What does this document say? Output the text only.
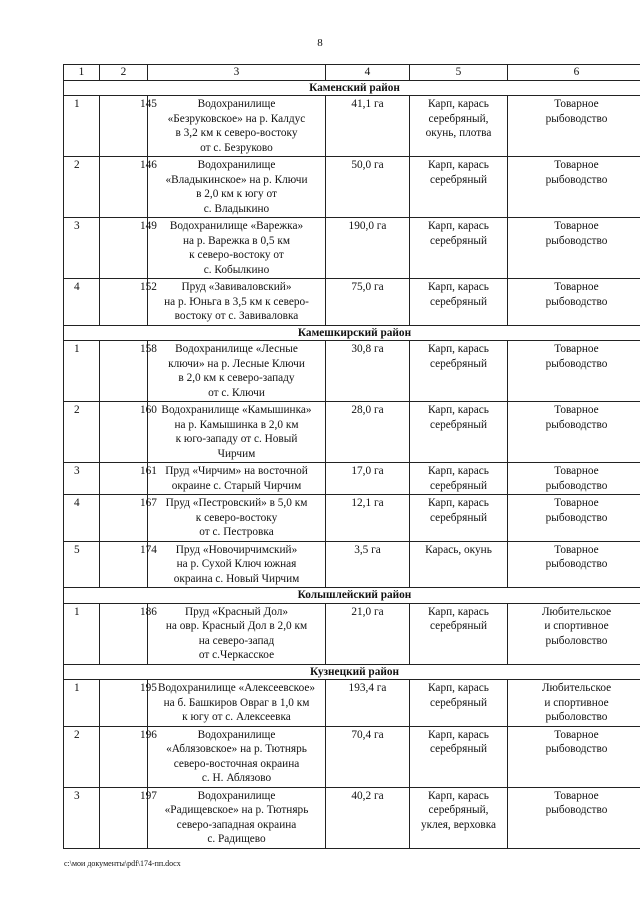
8
1	2	3	4	5	6
Каменский район					
1	145	Водохранилище
«Безруковское» на р. Калдус
в 3,2 км к северо-востоку
от с. Безруково	41,1 га	Карп, карась
серебряный,
окунь, плотва	Товарное
рыбоводство
2	146	Водохранилище
«Владыкинское» на р. Ключи
в 2,0 км к югу от
с. Владыкино	50,0 га	Карп, карась
серебряный	Товарное
рыбоводство
3	149	Водохранилище «Варежка»
на р. Варежка в 0,5 км
к северо-востоку от
с. Кобылкино	190,0 га	Карп, карась
серебряный	Товарное
рыбоводство
4	152	Пруд «Завиваловский»
на р. Юньга в 3,5 км к северо-
востоку от с. Завиваловка	75,0 га	Карп, карась
серебряный	Товарное
рыбоводство
Камешкирский район					
1	158	Водохранилище «Лесные
ключи» на р. Лесные Ключи
в 2,0 км к северо-западу
от с. Ключи	30,8 га	Карп, карась
серебряный	Товарное
рыбоводство
2	160	Водохранилище «Камышинка»
на р. Камышинка в 2,0 км
к юго-западу от с. Новый
Чирчим	28,0 га	Карп, карась
серебряный	Товарное
рыбоводство
3	161	Пруд «Чирчим» на восточной
окраине с. Старый Чирчим	17,0 га	Карп, карась
серебряный	Товарное
рыбоводство
4	167	Пруд «Пестровский» в 5,0 км
к северо-востоку
от с. Пестровка	12,1 га	Карп, карась
серебряный	Товарное
рыбоводство
5	174	Пруд «Новочирчимский»
на р. Сухой Ключ южная
окраина с. Новый Чирчим	3,5 га	Карась, окунь	Товарное
рыбоводство
Колышлейский район					
1	186	Пруд «Красный Дол»
на овр. Красный Дол в 2,0 км
на северо-запад
от с.Черкасское	21,0 га	Карп, карась
серебряный	Любительское
и спортивное
рыболовство
Кузнецкий район					
1	195	Водохранилище «Алексеевское»
на б. Башкиров Овраг в 1,0 км
к югу от с. Алексеевка	193,4 га	Карп, карась
серебряный	Любительское
и спортивное
рыболовство
2	196	Водохранилище
«Аблязовское» на р. Тютнярь
северо-восточная окраина
с. Н. Аблязово	70,4 га	Карп, карась
серебряный	Товарное
рыбоводство
3	197	Водохранилище
«Радищевское» на р. Тютнярь
северо-западная окраина
с. Радищево	40,2 га	Карп, карась
серебряный,
уклея, верховка	Товарное
рыбоводство
c:\мои документы\pdf\174-пп.docx
